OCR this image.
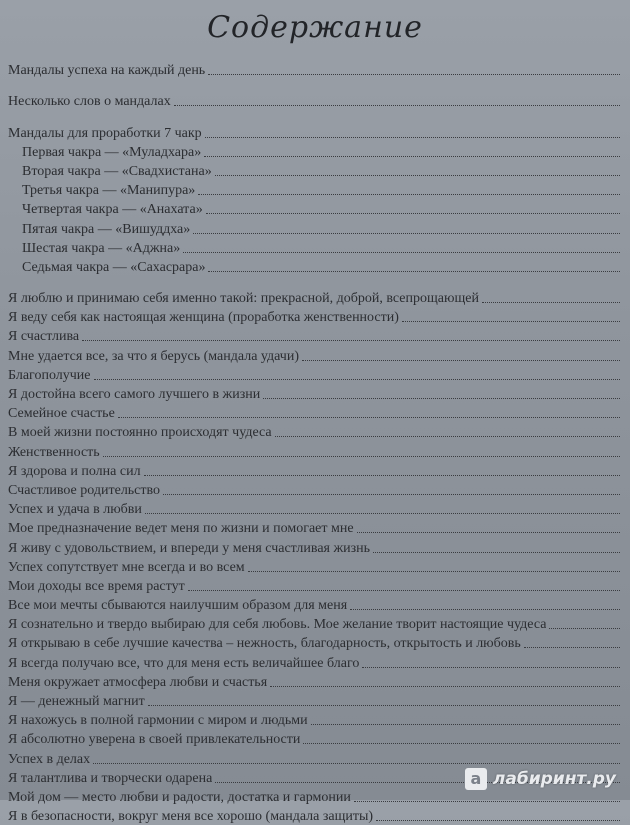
Содержание
Мандалы успеха на каждый день
Несколько слов о мандалах
Мандалы для проработки 7 чакр
Первая чакра — «Муладхара»
Вторая чакра — «Свадхистана»
Третья чакра — «Манипура»
Четвертая чакра — «Анахата»
Пятая чакра — «Вишуддха»
Шестая чакра — «Аджна»
Седьмая чакра — «Сахасрара»
Я люблю и принимаю себя именно такой: прекрасной, доброй, всепрощающей
Я веду себя как настоящая женщина (проработка женственности)
Я счастлива
Мне удается все, за что я берусь (мандала удачи)
Благополучие
Я достойна всего самого лучшего в жизни
Семейное счастье
В моей жизни постоянно происходят чудеса
Женственность
Я здорова и полна сил
Счастливое родительство
Успех и удача в любви
Мое предназначение ведет меня по жизни и помогает мне
Я живу с удовольствием, и впереди у меня счастливая жизнь
Успех сопутствует мне всегда и во всем
Мои доходы все время растут
Все мои мечты сбываются наилучшим образом для меня
Я сознательно и твердо выбираю для себя любовь. Мое желание творит настоящие чудеса
Я открываю в себе лучшие качества – нежность, благодарность, открытость и любовь
Я всегда получаю все, что для меня есть величайшее благо
Меня окружает атмосфера любви и счастья
Я — денежный магнит
Я нахожусь в полной гармонии с миром и людьми
Я абсолютно уверена в своей привлекательности
Успех в делах
Я талантлива и творчески одарена
Мой дом — место любви и радости, достатка и гармонии
Я в безопасности, вокруг меня все хорошо (мандала защиты)
a лабиринт.ру
